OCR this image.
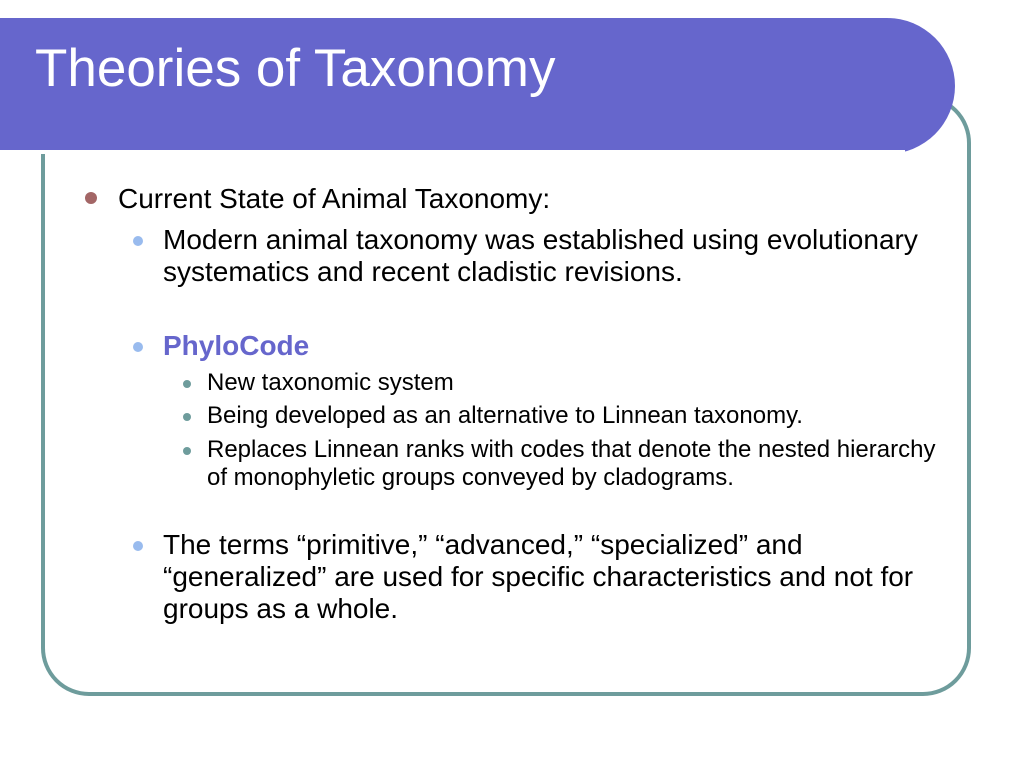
Theories of Taxonomy
Current State of Animal Taxonomy:
Modern animal taxonomy was established using evolutionary systematics and recent cladistic revisions.
PhyloCode
New taxonomic system
Being developed as an alternative to Linnean taxonomy.
Replaces Linnean ranks with codes that denote the nested hierarchy of monophyletic groups conveyed by cladograms.
The terms “primitive,” “advanced,” “specialized” and “generalized” are used for specific characteristics and not for groups as a whole.
